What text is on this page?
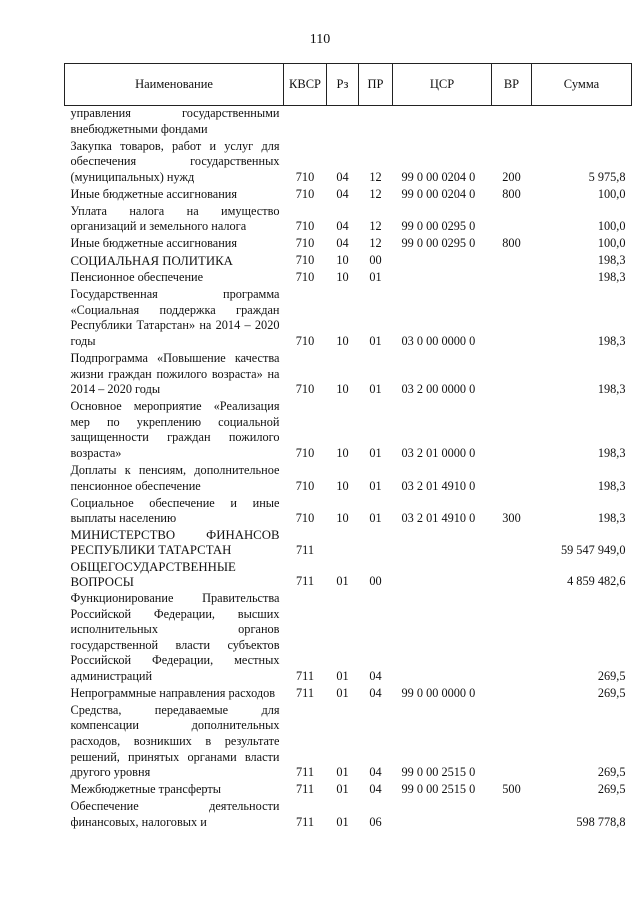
110
Наименование	КВСР	Рз	ПР	ЦСР	ВР	Сумма
управления государственными внебюджетными фондами						
Закупка товаров, работ и услуг для обеспечения государственных (муниципальных) нужд	710	04	12	99 0 00 0204 0	200	5 975,8
Иные бюджетные ассигнования	710	04	12	99 0 00 0204 0	800	100,0
Уплата налога на имущество организаций и земельного налога	710	04	12	99 0 00 0295 0		100,0
Иные бюджетные ассигнования	710	04	12	99 0 00 0295 0	800	100,0
СОЦИАЛЬНАЯ ПОЛИТИКА	710	10	00			198,3
Пенсионное обеспечение	710	10	01			198,3
Государственная программа «Социальная поддержка граждан Республики Татарстан» на 2014 – 2020 годы	710	10	01	03 0 00 0000 0		198,3
Подпрограмма «Повышение качества жизни граждан пожилого возраста» на 2014 – 2020 годы	710	10	01	03 2 00 0000 0		198,3
Основное мероприятие «Реализация мер по укреплению социальной защищенности граждан пожилого возраста»	710	10	01	03 2 01 0000 0		198,3
Доплаты к пенсиям, дополнительное пенсионное обеспечение	710	10	01	03 2 01 4910 0		198,3
Социальное обеспечение и иные выплаты населению	710	10	01	03 2 01 4910 0	300	198,3
МИНИСТЕРСТВО ФИНАНСОВ РЕСПУБЛИКИ ТАТАРСТАН	711					59 547 949,0
ОБЩЕГОСУДАРСТВЕННЫЕ ВОПРОСЫ	711	01	00			4 859 482,6
Функционирование Правительства Российской Федерации, высших исполнительных органов государственной власти субъектов Российской Федерации, местных администраций	711	01	04			269,5
Непрограммные направления расходов	711	01	04	99 0 00 0000 0		269,5
Средства, передаваемые для компенсации дополнительных расходов, возникших в результате решений, принятых органами власти другого уровня	711	01	04	99 0 00 2515 0		269,5
Межбюджетные трансферты	711	01	04	99 0 00 2515 0	500	269,5
Обеспечение деятельности финансовых, налоговых и	711	01	06			598 778,8
